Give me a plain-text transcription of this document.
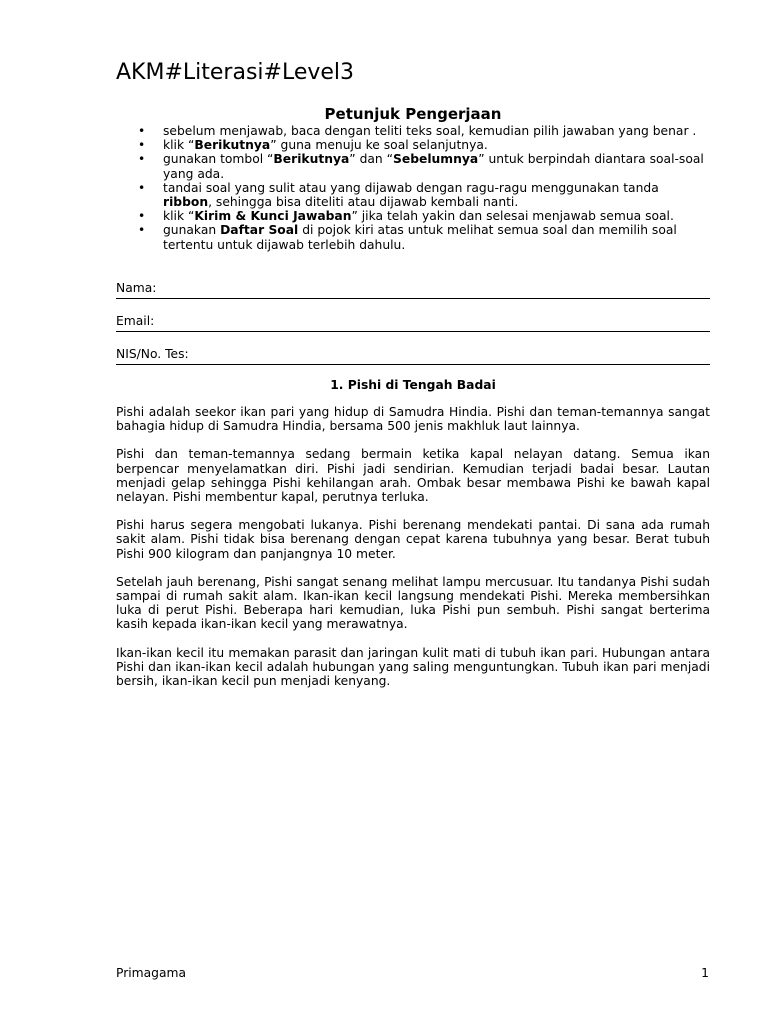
AKM#Literasi#Level3
Petunjuk Pengerjaan
• sebelum menjawab, baca dengan teliti teks soal, kemudian pilih jawaban yang benar .
• klik “Berikutnya” guna menuju ke soal selanjutnya.
• gunakan tombol “Berikutnya” dan “Sebelumnya” untuk berpindah diantara soal-soal yang ada.
• tandai soal yang sulit atau yang dijawab dengan ragu-ragu menggunakan tanda ribbon, sehingga bisa diteliti atau dijawab kembali nanti.
• klik “Kirim & Kunci Jawaban” jika telah yakin dan selesai menjawab semua soal.
• gunakan Daftar Soal di pojok kiri atas untuk melihat semua soal dan memilih soal tertentu untuk dijawab terlebih dahulu.
Nama:
Email:
NIS/No. Tes:
1. Pishi di Tengah Badai

Pishi adalah seekor ikan pari yang hidup di Samudra Hindia. Pishi dan teman-temannya sangat bahagia hidup di Samudra Hindia, bersama 500 jenis makhluk laut lainnya.

Pishi dan teman-temannya sedang bermain ketika kapal nelayan datang. Semua ikan berpencar menyelamatkan diri. Pishi jadi sendirian. Kemudian terjadi badai besar. Lautan menjadi gelap sehingga Pishi kehilangan arah. Ombak besar membawa Pishi ke bawah kapal nelayan. Pishi membentur kapal, perutnya terluka.

Pishi harus segera mengobati lukanya. Pishi berenang mendekati pantai. Di sana ada rumah sakit alam. Pishi tidak bisa berenang dengan cepat karena tubuhnya yang besar. Berat tubuh Pishi 900 kilogram dan panjangnya 10 meter.

Setelah jauh berenang, Pishi sangat senang melihat lampu mercusuar. Itu tandanya Pishi sudah sampai di rumah sakit alam. Ikan-ikan kecil langsung mendekati Pishi. Mereka membersihkan luka di perut Pishi. Beberapa hari kemudian, luka Pishi pun sembuh. Pishi sangat berterima kasih kepada ikan-ikan kecil yang merawatnya.

Ikan-ikan kecil itu memakan parasit dan jaringan kulit mati di tubuh ikan pari. Hubungan antara Pishi dan ikan-ikan kecil adalah hubungan yang saling menguntungkan. Tubuh ikan pari menjadi bersih, ikan-ikan kecil pun menjadi kenyang.

Primagama	1
